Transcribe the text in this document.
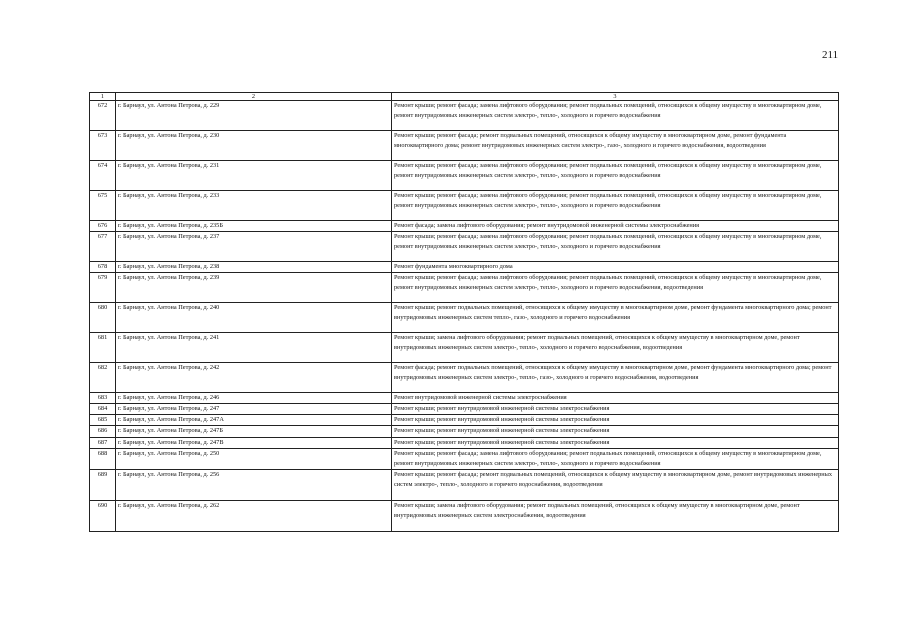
211
1	2	3
672	г. Барнаул, ул. Антона Петрова, д. 229	Ремонт крыши; ремонт фасада; замена лифтового оборудования; ремонт подвальных помещений, относящихся к общему имуществу в многоквартирном доме, ремонт внутридомовых инженерных систем электро-, тепло-, холодного и горячего водоснабжения
673	г. Барнаул, ул. Антона Петрова, д. 230	Ремонт крыши; ремонт фасада; ремонт подвальных помещений, относящихся к общему имуществу в многоквартирном доме, ремонт фундамента многоквартирного дома; ремонт внутридомовых инженерных систем электро-, газо-, холодного и горячего водоснабжения, водоотведения
674	г. Барнаул, ул. Антона Петрова, д. 231	Ремонт крыши; ремонт фасада; замена лифтового оборудования; ремонт подвальных помещений, относящихся к общему имуществу в многоквартирном доме, ремонт внутридомовых инженерных систем электро-, тепло-, холодного и горячего водоснабжения
675	г. Барнаул, ул. Антона Петрова, д. 233	Ремонт крыши; ремонт фасада; замена лифтового оборудования; ремонт подвальных помещений, относящихся к общему имуществу в многоквартирном доме, ремонт внутридомовых инженерных систем электро-, тепло-, холодного и горячего водоснабжения
676	г. Барнаул, ул. Антона Петрова, д. 235Б	Ремонт фасада; замена лифтового оборудования; ремонт внутридомовой инженерной системы электроснабжения
677	г. Барнаул, ул. Антона Петрова, д. 237	Ремонт крыши; ремонт фасада; замена лифтового оборудования; ремонт подвальных помещений, относящихся к общему имуществу в многоквартирном доме, ремонт внутридомовых инженерных систем электро-, тепло-, холодного и горячего водоснабжения
678	г. Барнаул, ул. Антона Петрова, д. 238	Ремонт фундамента многоквартирного дома
679	г. Барнаул, ул. Антона Петрова, д. 239	Ремонт крыши; ремонт фасада; замена лифтового оборудования; ремонт подвальных помещений, относящихся к общему имуществу в многоквартирном доме, ремонт внутридомовых инженерных систем электро-, тепло-, холодного и горячего водоснабжения, водоотведения
680	г. Барнаул, ул. Антона Петрова, д. 240	Ремонт крыши; ремонт подвальных помещений, относящихся к общему имуществу в многоквартирном доме, ремонт фундамента многоквартирного дома; ремонт внутридомовых инженерных систем тепло-, газо-, холодного и горячего водоснабжения
681	г. Барнаул, ул. Антона Петрова, д. 241	Ремонт крыши; замена лифтового оборудования; ремонт подвальных помещений, относящихся к общему имуществу в многоквартирном доме, ремонт внутридомовых инженерных систем электро-, тепло-, холодного и горячего водоснабжения, водоотведения
682	г. Барнаул, ул. Антона Петрова, д. 242	Ремонт фасада; ремонт подвальных помещений, относящихся к общему имуществу в многоквартирном доме, ремонт фундамента многоквартирного дома; ремонт внутридомовых инженерных систем электро-, тепло-, газо-, холодного и горячего водоснабжения, водоотведения
683	г. Барнаул, ул. Антона Петрова, д. 246	Ремонт внутридомовой инженерной системы электроснабжения
684	г. Барнаул, ул. Антона Петрова, д. 247	Ремонт крыши; ремонт внутридомовой инженерной системы электроснабжения
685	г. Барнаул, ул. Антона Петрова, д. 247А	Ремонт крыши; ремонт внутридомовой инженерной системы электроснабжения
686	г. Барнаул, ул. Антона Петрова, д. 247Б	Ремонт крыши; ремонт внутридомовой инженерной системы электроснабжения
687	г. Барнаул, ул. Антона Петрова, д. 247В	Ремонт крыши; ремонт внутридомовой инженерной системы электроснабжения
688	г. Барнаул, ул. Антона Петрова, д. 250	Ремонт крыши; ремонт фасада; замена лифтового оборудования; ремонт подвальных помещений, относящихся к общему имуществу в многоквартирном доме, ремонт внутридомовых инженерных систем электро-, тепло-, холодного и горячего водоснабжения
689	г. Барнаул, ул. Антона Петрова, д. 256	Ремонт крыши; ремонт фасада; ремонт подвальных помещений, относящихся к общему имуществу в многоквартирном доме, ремонт внутридомовых инженерных систем электро-, тепло-, холодного и горячего водоснабжения, водоотведения
690	г. Барнаул, ул. Антона Петрова, д. 262	Ремонт крыши; замена лифтового оборудования; ремонт подвальных помещений, относящихся к общему имуществу в многоквартирном доме, ремонт внутридомовых инженерных систем электроснабжения, водоотведения
